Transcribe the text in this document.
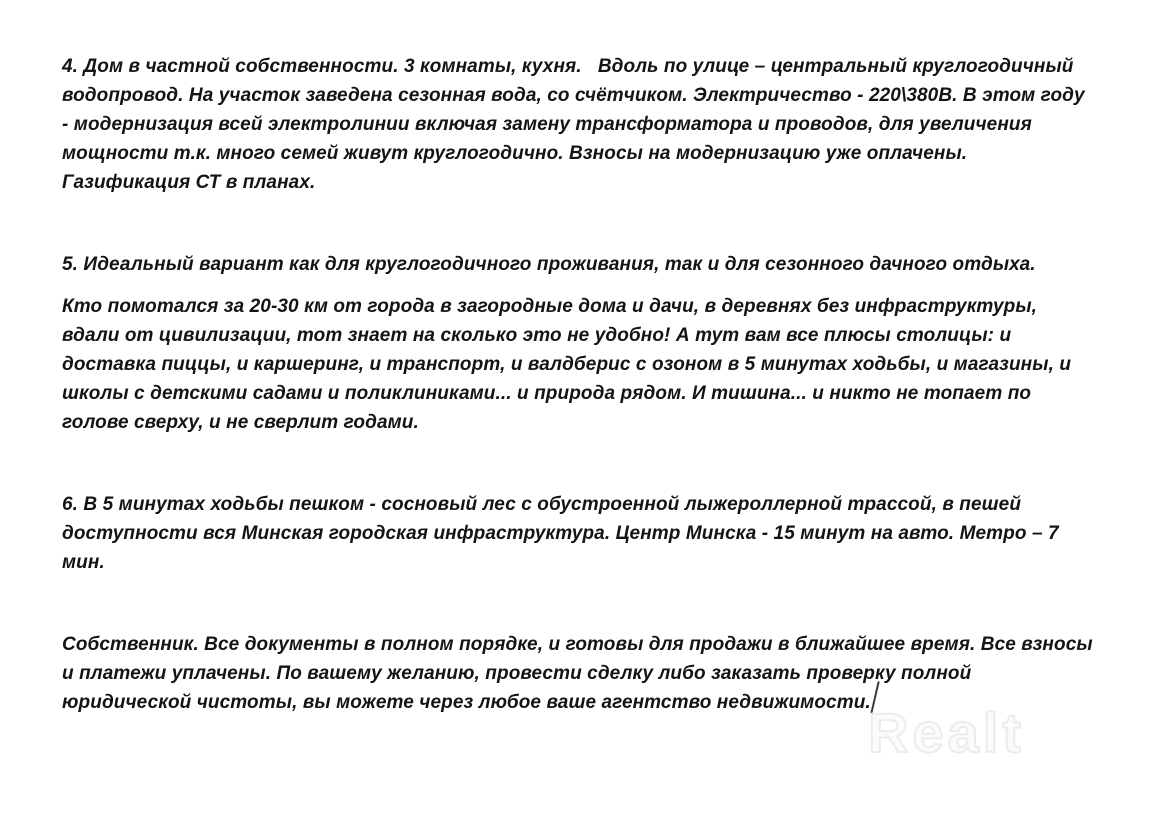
4. Дом в частной собственности. 3 комнаты, кухня.   Вдоль по улице – центральный круглогодичный водопровод. На участок заведена сезонная вода, со счётчиком. Электричество - 220\380В. В этом году - модернизация всей электролинии включая замену трансформатора и проводов, для увеличения мощности т.к. много семей живут круглогодично. Взносы на модернизацию уже оплачены. Газификация СТ в планах.

5. Идеальный вариант как для круглогодичного проживания, так и для сезонного дачного отдыха.

Кто помотался за 20-30 км от города в загородные дома и дачи, в деревнях без инфраструктуры, вдали от цивилизации, тот знает на сколько это не удобно! А тут вам все плюсы столицы: и доставка пиццы, и каршеринг, и транспорт, и валдберис с озоном в 5 минутах ходьбы, и магазины, и школы с детскими садами и поликлиниками... и природа рядом. И тишина... и никто не топает по голове сверху, и не сверлит годами.

6. В 5 минутах ходьбы пешком - сосновый лес с обустроенной лыжероллерной трассой, в пешей доступности вся Минская городская инфраструктура. Центр Минска - 15 минут на авто. Метро – 7 мин.

Собственник. Все документы в полном порядке, и готовы для продажи в ближайшее время. Все взносы и платежи уплачены. По вашему желанию, провести сделку либо заказать проверку полной юридической чистоты, вы можете через любое ваше агентство недвижимости.

Realt
